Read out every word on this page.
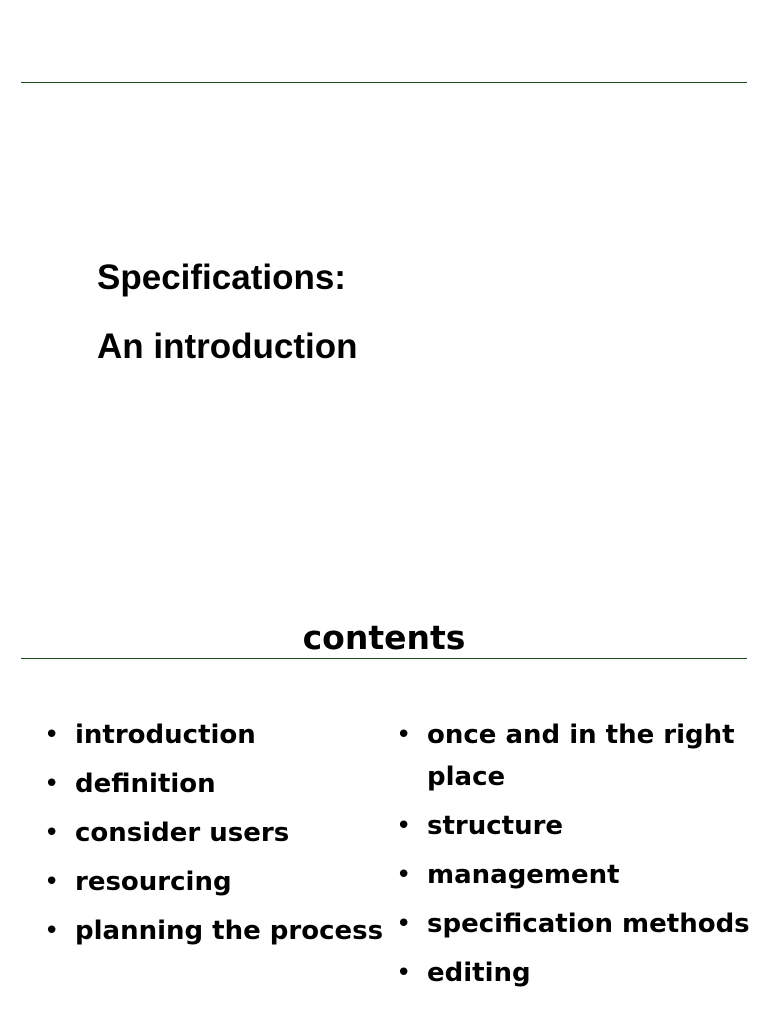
Specifications:
An introduction
contents
• introduction
• definition
• consider users
• resourcing
• planning the process
• once and in the right place
• structure
• management
• specification methods
• editing
